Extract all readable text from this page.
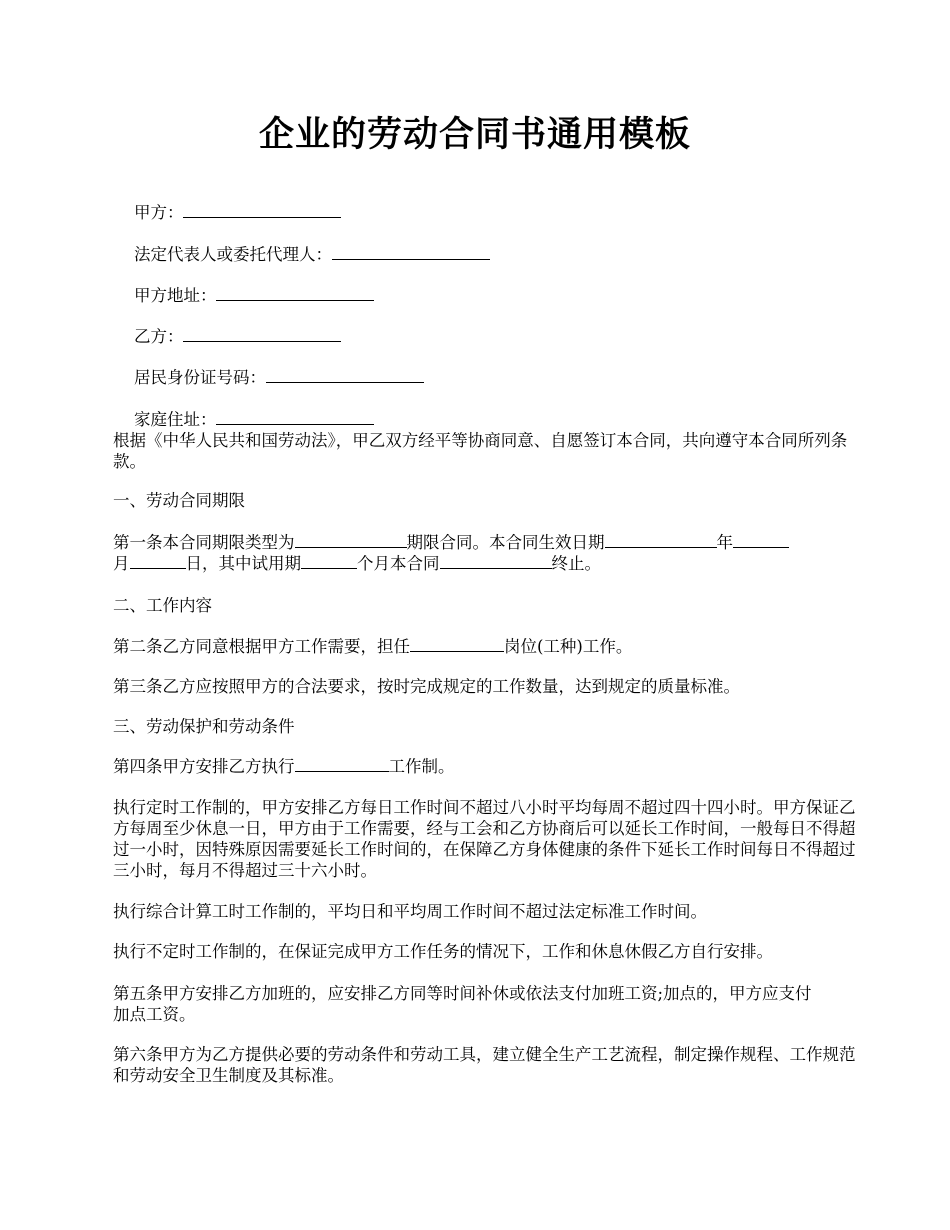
企业的劳动合同书通用模板

甲方：

法定代表人或委托代理人：

甲方地址：

乙方：

居民身份证号码：

家庭住址：

根据《中华人民共和国劳动法》，甲乙双方经平等协商同意、自愿签订本合同，共向遵守本合同所列条款。
一、劳动合同期限
第一条本合同期限类型为	期限合同。本合同生效日期	年
月	日，其中试用期	个月本合同	终止。
二、工作内容
第二条乙方同意根据甲方工作需要，担任	岗位(工种)工作。
第三条乙方应按照甲方的合法要求，按时完成规定的工作数量，达到规定的质量标准。
三、劳动保护和劳动条件
第四条甲方安排乙方执行	工作制。
执行定时工作制的，甲方安排乙方每日工作时间不超过八小时平均每周不超过四十四小时。甲方保证乙方每周至少休息一日，甲方由于工作需要，经与工会和乙方协商后可以延长工作时间，一般每日不得超过一小时，因特殊原因需要延长工作时间的，在保障乙方身体健康的条件下延长工作时间每日不得超过三小时，每月不得超过三十六小时。
执行综合计算工时工作制的，平均日和平均周工作时间不超过法定标准工作时间。
执行不定时工作制的，在保证完成甲方工作任务的情况下，工作和休息休假乙方自行安排。
第五条甲方安排乙方加班的，应安排乙方同等时间补休或依法支付加班工资;加点的，甲方应支付加点工资。
第六条甲方为乙方提供必要的劳动条件和劳动工具，建立健全生产工艺流程，制定操作规程、工作规范和劳动安全卫生制度及其标准。
